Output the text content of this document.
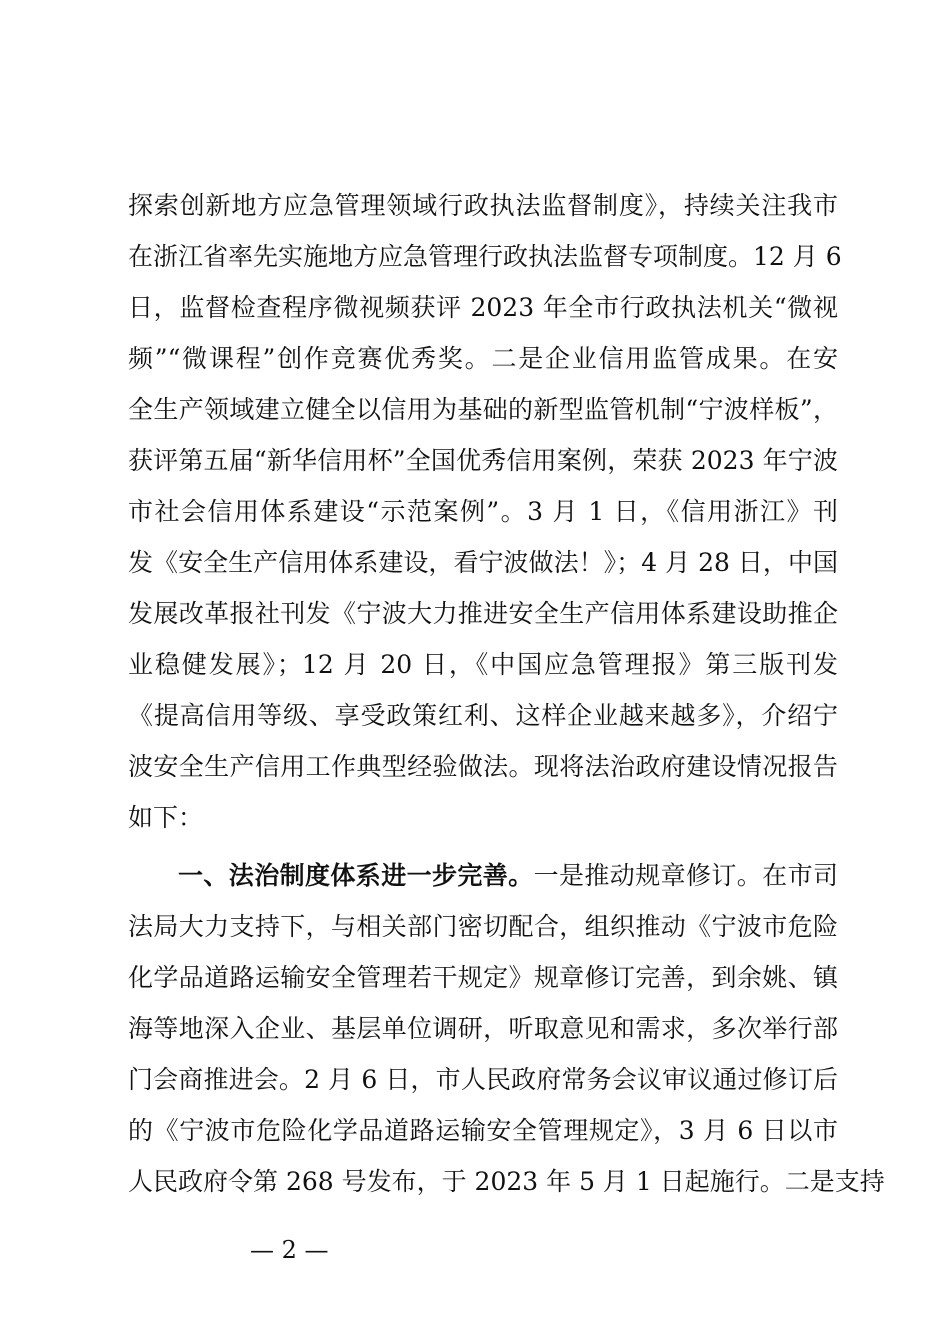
探索创新地方应急管理领域行政执法监督制度》，持续关注我市
在浙江省率先实施地方应急管理行政执法监督专项制度。12 月 6
日，监督检查程序微视频获评 2023 年全市行政执法机关“微视
频”“微课程”创作竞赛优秀奖。二是企业信用监管成果。在安
全生产领域建立健全以信用为基础的新型监管机制“宁波样板”，
获评第五届“新华信用杯”全国优秀信用案例，荣获 2023 年宁波
市社会信用体系建设“示范案例”。3 月 1 日，《信用浙江》刊
发《安全生产信用体系建设，看宁波做法！》；4 月 28 日，中国
发展改革报社刊发《宁波大力推进安全生产信用体系建设助推企
业稳健发展》；12 月 20 日，《中国应急管理报》第三版刊发
《提高信用等级、享受政策红利、这样企业越来越多》，介绍宁
波安全生产信用工作典型经验做法。现将法治政府建设情况报告
如下：
一、法治制度体系进一步完善。一是推动规章修订。在市司
法局大力支持下，与相关部门密切配合，组织推动《宁波市危险
化学品道路运输安全管理若干规定》规章修订完善，到余姚、镇
海等地深入企业、基层单位调研，听取意见和需求，多次举行部
门会商推进会。2 月 6 日，市人民政府常务会议审议通过修订后
的《宁波市危险化学品道路运输安全管理规定》，3 月 6 日以市
人民政府令第 268 号发布，于 2023 年 5 月 1 日起施行。二是支持
— 2 —
